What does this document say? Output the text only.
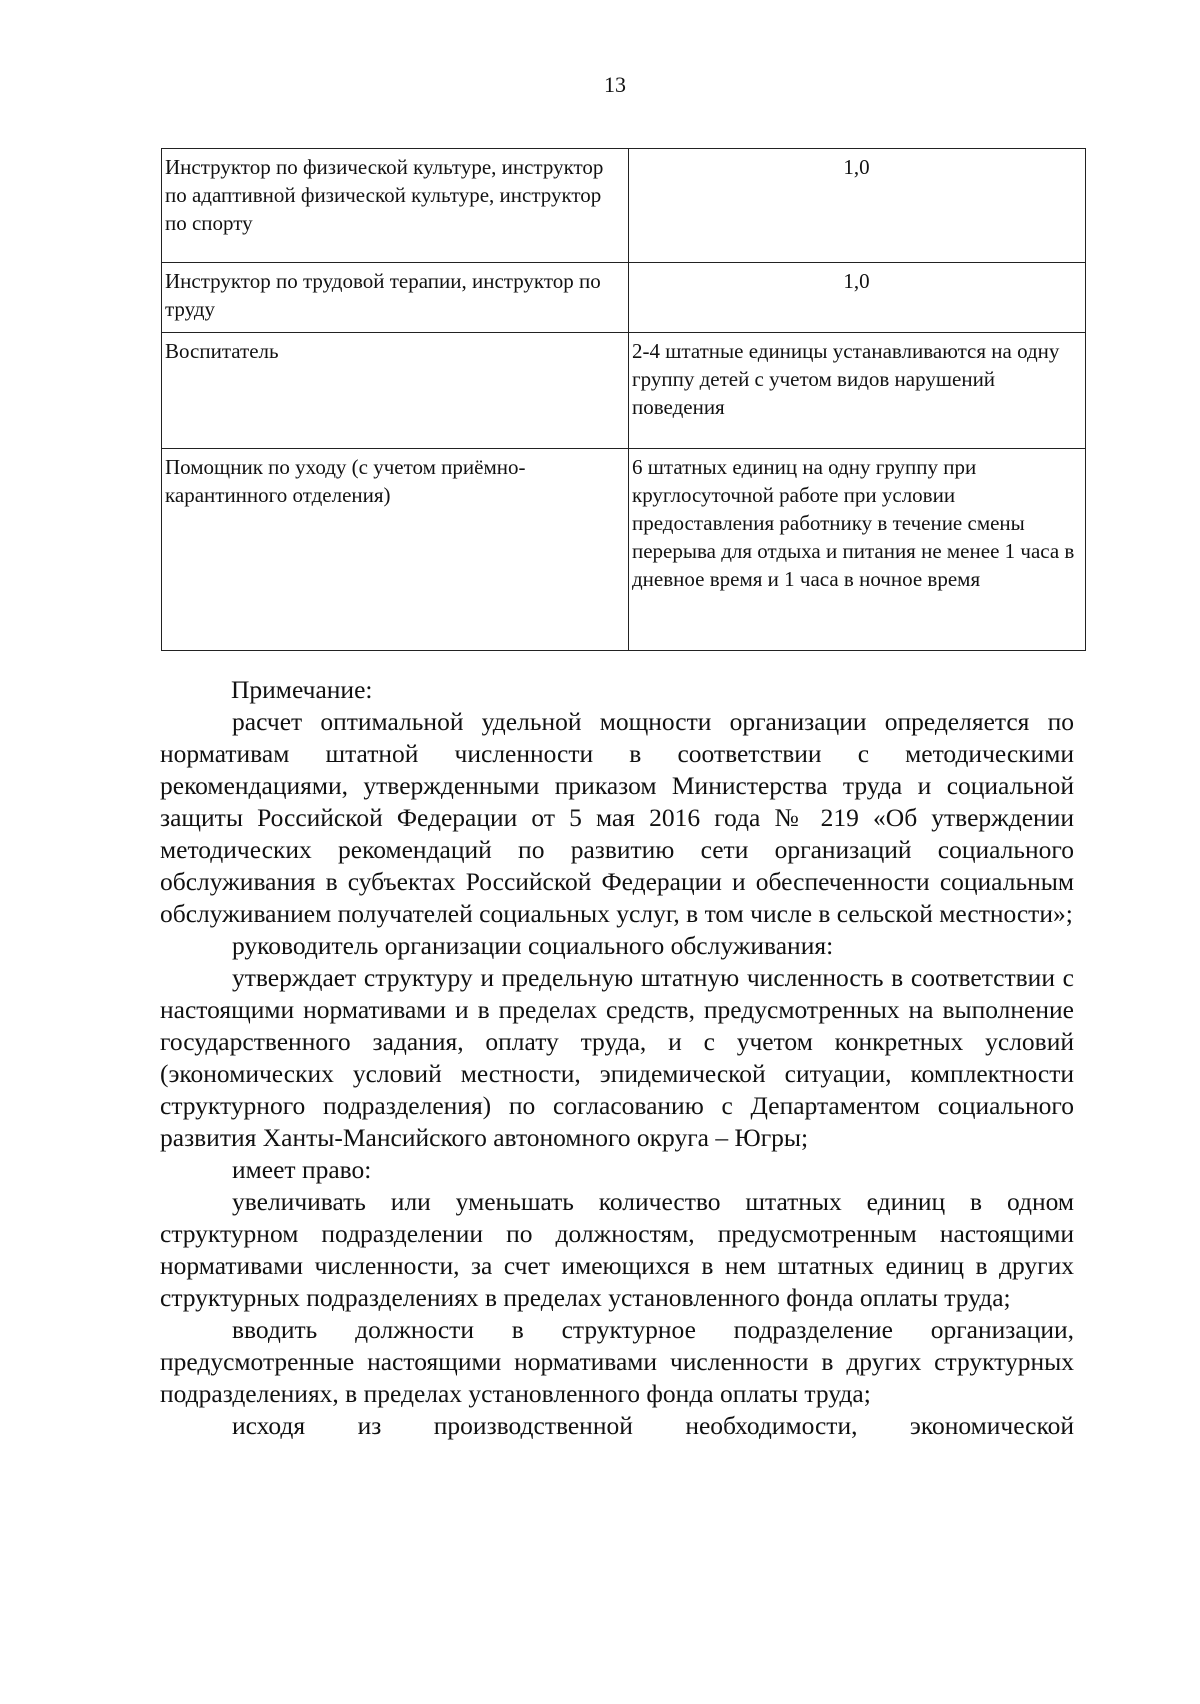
13
Инструктор по физической культуре, инструктор по адаптивной физической культуре, инструктор по спорту	1,0
Инструктор по трудовой терапии, инструктор по труду	1,0
Воспитатель	2-4 штатные единицы устанавливаются на одну группу детей с учетом видов нарушений поведения
Помощник по уходу (с учетом приёмно-карантинного отделения)	6 штатных единиц на одну группу при круглосуточной работе при условии предоставления работнику в течение смены перерыва для отдыха и питания не менее 1 часа в дневное время и 1 часа в ночное время

Примечание:

расчет оптимальной удельной мощности организации определяется по нормативам штатной численности в соответствии с методическими рекомендациями, утвержденными приказом Министерства труда и социальной защиты Российской Федерации от 5 мая 2016 года № 219 «Об утверждении методических рекомендаций по развитию сети организаций социального обслуживания в субъектах Российской Федерации и обеспеченности социальным обслуживанием получателей социальных услуг, в том числе в сельской местности»;

руководитель организации социального обслуживания:

утверждает структуру и предельную штатную численность в соответствии с настоящими нормативами и в пределах средств, предусмотренных на выполнение государственного задания, оплату труда, и с учетом конкретных условий (экономических условий местности, эпидемической ситуации, комплектности структурного подразделения) по согласованию с Департаментом социального развития Ханты-Мансийского автономного округа – Югры;

имеет право:

увеличивать или уменьшать количество штатных единиц в одном структурном подразделении по должностям, предусмотренным настоящими нормативами численности, за счет имеющихся в нем штатных единиц в других структурных подразделениях в пределах установленного фонда оплаты труда;

вводить должности в структурное подразделение организации, предусмотренные настоящими нормативами численности в других структурных подразделениях, в пределах установленного фонда оплаты труда;

исходя из производственной необходимости, экономической
